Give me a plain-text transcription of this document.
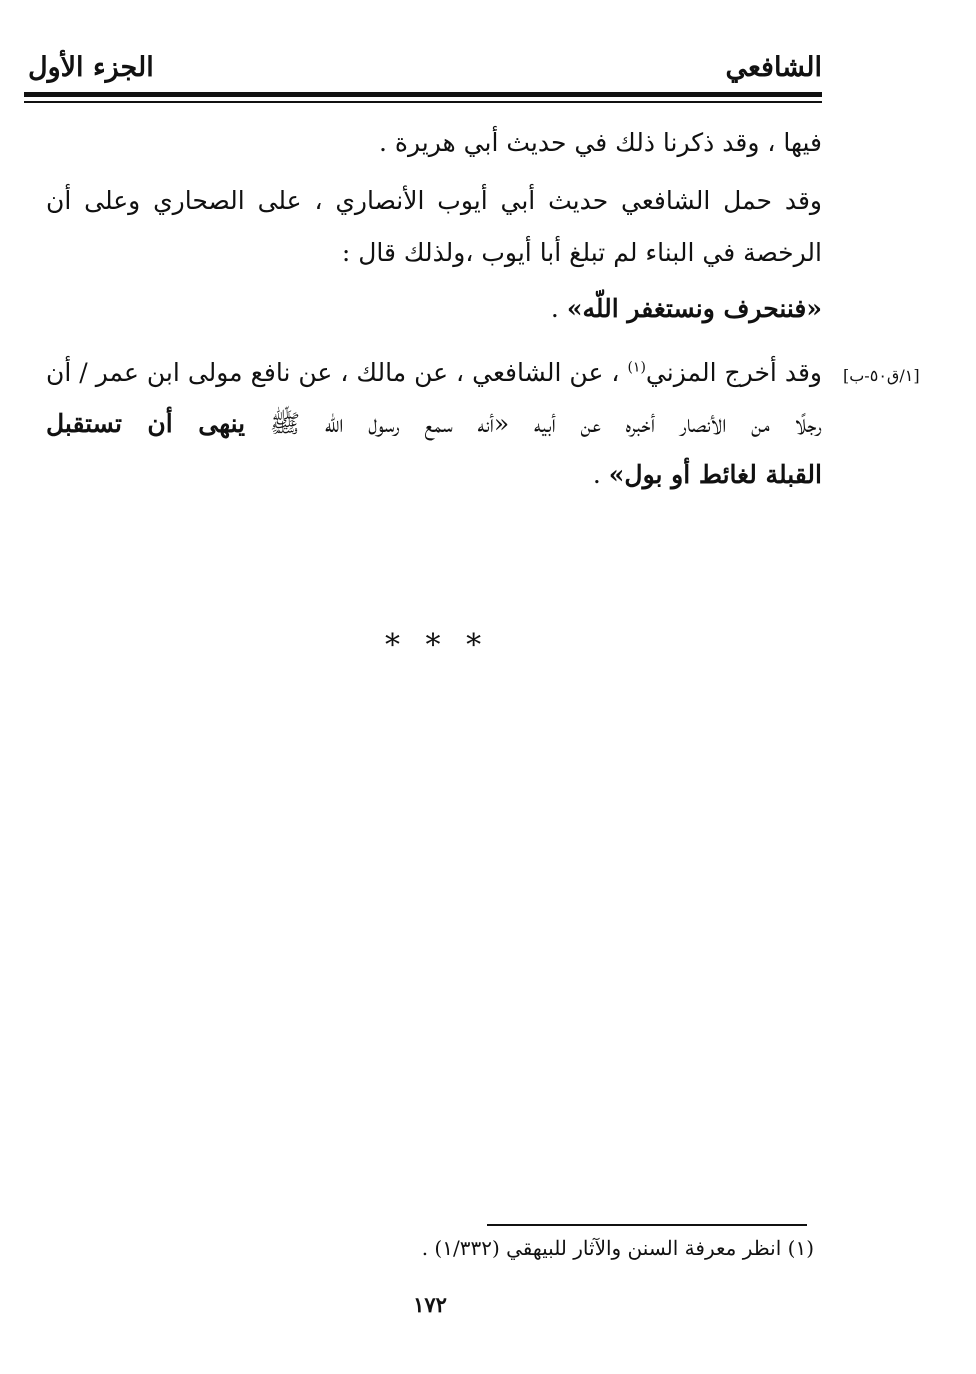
الشافعي
الجزء الأول
فيها ، وقد ذكرنا ذلك في حديث أبي هريرة .
وقد حمل الشافعي حديث أبي أيوب الأنصاري ، على الصحاري وعلى أن
الرخصة في البناء لم تبلغ أبا أيوب ،ولذلك قال :
«فننحرف ونستغفر اللّه» .
وقد أخرج المزني$^{(١)}$ ، عن الشافعي ، عن مالك ، عن نافع مولى ابن عمر / أن	[١/ق٥٠-ب]
رجلًا من الأنصار أخبره عن أبيه «أنه سمع رسول اللّه ﷺ ينهى أن تستقبل
القبلة لغائط أو بول» .
* * *
(١) انظر معرفة السنن والآثار للبيهقي (١/٣٣٢) .
١٧٢
